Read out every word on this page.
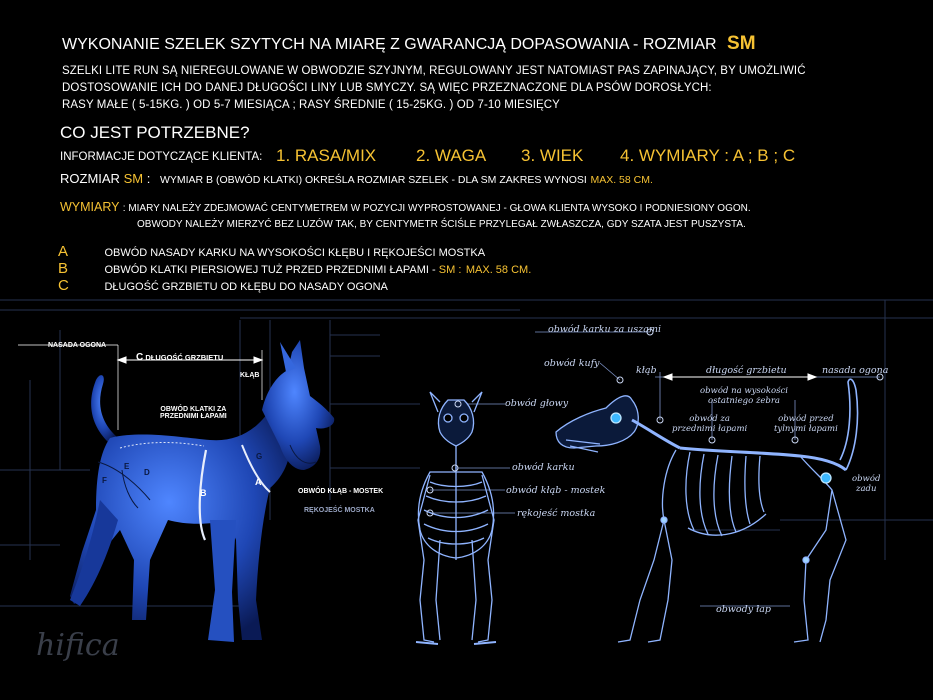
WYKONANIE SZELEK SZYTYCH NA MIARĘ Z GWARANCJĄ DOPASOWANIA - ROZMIAR SM
SZELKI LITE RUN SĄ NIEREGULOWANE W OBWODZIE SZYJNYM, REGULOWANY JEST NATOMIAST PAS ZAPINAJĄCY, BY UMOŻLIWIĆ
DOSTOSOWANIE ICH DO DANEJ DŁUGOŚCI LINY LUB SMYCZY. SĄ WIĘC PRZEZNACZONE DLA PSÓW DOROSŁYCH:
RASY MAŁE ( 5-15KG. ) OD 5-7 MIESIĄCA ; RASY ŚREDNIE ( 15-25KG. ) OD 7-10 MIESIĘCY
CO JEST POTRZEBNE?
INFORMACJE DOTYCZĄCE KLIENTA: 1. RASA/MIX 2. WAGA 3. WIEK 4. WYMIARY : A ; B ; C
ROZMIAR SM : WYMIAR B (OBWÓD KLATKI) OKREŚLA ROZMIAR SZELEK - DLA SM ZAKRES WYNOSI MAX. 58 CM.
WYMIARY : MIARY NALEŻY ZDEJMOWAĆ CENTYMETREM W POZYCJI WYPROSTOWANEJ - GŁOWA KLIENTA WYSOKO I PODNIESIONY OGON.
OBWODY NALEŻY MIERZYĆ BEZ LUZÓW TAK, BY CENTYMETR ŚCIŚLE PRZYLEGAŁ ZWŁASZCZA, GDY SZATA JEST PUSZYSTA.
A	OBWÓD NASADY KARKU NA WYSOKOŚCI KŁĘBU I RĘKOJEŚCI MOSTKA
B	OBWÓD KLATKI PIERSIOWEJ TUŻ PRZED PRZEDNIMI ŁAPAMI - SM : MAX. 58 CM.
C	DŁUGOŚĆ GRZBIETU OD KŁĘBU DO NASADY OGONA
NASADA OGONA
C DŁUGOŚĆ GRZBIETU
KŁĄB
OBWÓD KLATKI ZA
PRZEDNIMI ŁAPAMI
OBWÓD KŁĄB - MOSTEK
RĘKOJEŚĆ MOSTKA
A
B
G
E
D
F
obwód karku za uszami
obwód kufy
obwód głowy
obwód karku
obwód kłąb - mostek
rękojeść mostka
kłąb	długość grzbietu	nasada ogona
obwód na wysokości
ostatniego żebra
obwód za
przednimi łapami
obwód przed
tylnymi łapami
obwód
zadu
obwody łap
hifica
